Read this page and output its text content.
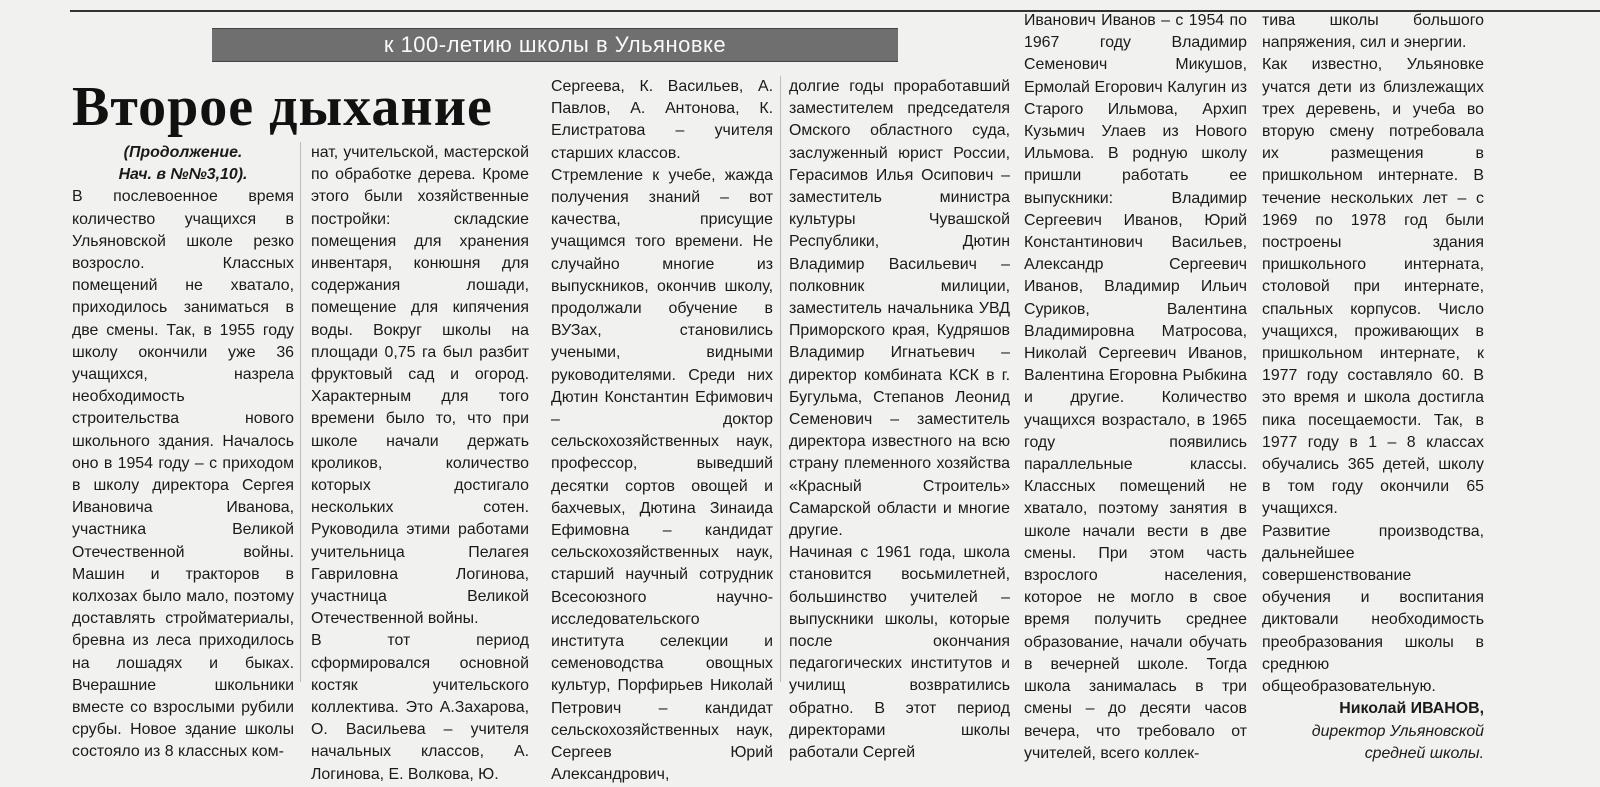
к 100-летию школы в Ульяновке
Второе дыхание
(Продолжение.
Нач. в №№3,10).

В послевоенное время количество учащихся в Ульяновской школе резко возросло. Классных помещений не хватало, приходилось заниматься в две смены. Так, в 1955 году школу окончили уже 36 учащихся, назрела необходимость строительства нового школьного здания. Началось оно в 1954 году – с приходом в школу директора Сергея Ивановича Иванова, участника Великой Отечественной войны. Машин и тракторов в колхозах было мало, поэтому доставлять стройматериалы, бревна из леса приходилось на лошадях и быках. Вчерашние школьники вместе со взрослыми рубили срубы. Новое здание школы состояло из 8 классных ком-

нат, учительской, мастерской по обработке дерева. Кроме этого были хозяйственные постройки: складские помещения для хранения инвентаря, конюшня для содержания лошади, помещение для кипячения воды. Вокруг школы на площади 0,75 га был разбит фруктовый сад и огород. Характерным для того времени было то, что при школе начали держать кроликов, количество которых достигало нескольких сотен. Руководила этими работами учительница Пелагея Гавриловна Логинова, участница Великой Отечественной войны.

В тот период сформировался основной костяк учительского коллектива. Это А.Захарова, О. Васильева – учителя начальных классов, А. Логинова, Е. Волкова, Ю.

Сергеева, К. Васильев, А. Павлов, А. Антонова, К. Елистратова – учителя старших классов.

Стремление к учебе, жажда получения знаний – вот качества, присущие учащимся того времени. Не случайно многие из выпускников, окончив школу, продолжали обучение в ВУЗах, становились учеными, видными руководителями. Среди них Дютин Константин Ефимович – доктор сельскохозяйственных наук, профессор, выведший десятки сортов овощей и бахчевых, Дютина Зинаида Ефимовна – кандидат сельскохозяйственных наук, старший научный сотрудник Всесоюзного научно-исследовательского института селекции и семеноводства овощных культур, Порфирьев Николай Петрович – кандидат сельскохозяйственных наук, Сергеев Юрий Александрович,

долгие годы проработавший заместителем председателя Омского областного суда, заслуженный юрист России, Герасимов Илья Осипович – заместитель министра культуры Чувашской Республики, Дютин Владимир Васильевич – полковник милиции, заместитель начальника УВД Приморского края, Кудряшов Владимир Игнатьевич – директор комбината КСК в г. Бугульма, Степанов Леонид Семенович – заместитель директора известного на всю страну племенного хозяйства «Красный Строитель» Самарской области и многие другие.

Начиная с 1961 года, школа становится восьмилетней, большинство учителей – выпускники школы, которые после окончания педагогических институтов и училищ возвратились обратно. В этот период директорами школы работали Сергей

Иванович Иванов – с 1954 по 1967 году Владимир Семенович Микушов, Ермолай Егорович Калугин из Старого Ильмова, Архип Кузьмич Улаев из Нового Ильмова. В родную школу пришли работать ее выпускники: Владимир Сергеевич Иванов, Юрий Константинович Васильев, Александр Сергеевич Иванов, Владимир Ильич Суриков, Валентина Владимировна Матросова, Николай Сергеевич Иванов, Валентина Егоровна Рыбкина и другие. Количество учащихся возрастало, в 1965 году появились параллельные классы. Классных помещений не хватало, поэтому занятия в школе начали вести в две смены. При этом часть взрослого населения, которое не могло в свое время получить среднее образование, начали обучать в вечерней школе. Тогда школа занималась в три смены – до десяти часов вечера, что требовало от учителей, всего коллек-

тива школы большого напряжения, сил и энергии.

Как известно, Ульяновке учатся дети из близлежащих трех деревень, и учеба во вторую смену потребовала их размещения в пришкольном интернате. В течение нескольких лет – с 1969 по 1978 год были построены здания пришкольного интерната, столовой при интернате, спальных корпусов. Число учащихся, проживающих в пришкольном интернате, к 1977 году составляло 60. В это время и школа достигла пика посещаемости. Так, в 1977 году в 1 – 8 классах обучались 365 детей, школу в том году окончили 65 учащихся.

Развитие производства, дальнейшее совершенствование обучения и воспитания диктовали необходимость преобразования школы в среднюю общеобразовательную.

Николай ИВАНОВ,
директор Ульяновской
средней школы.
